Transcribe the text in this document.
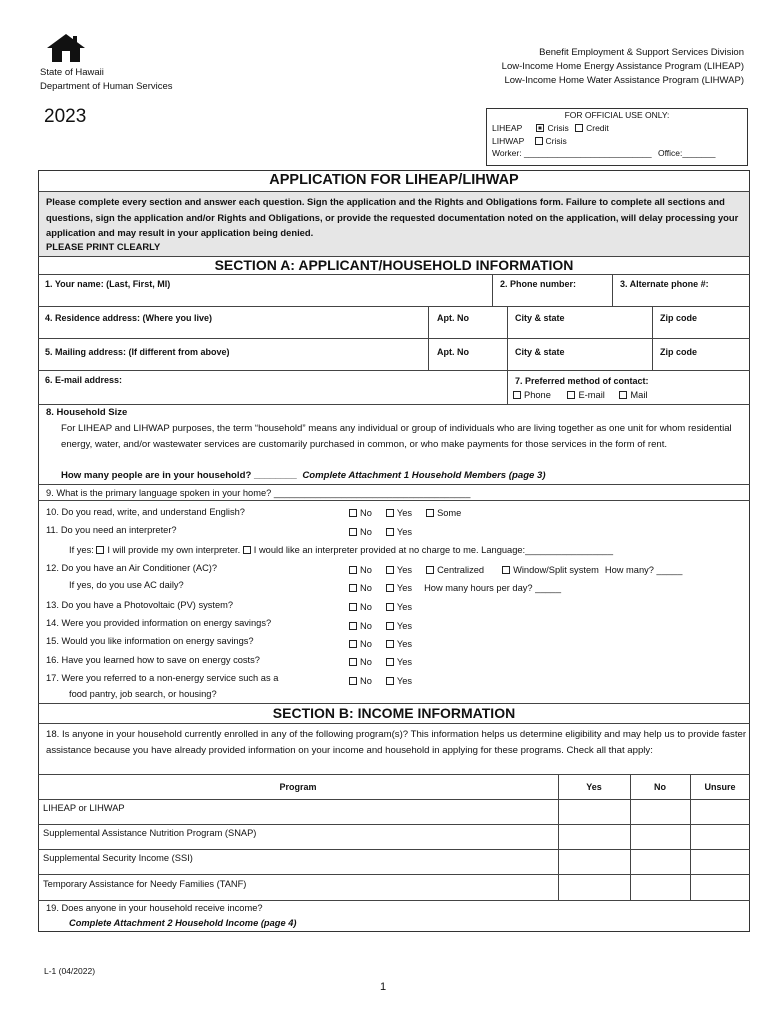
State of Hawaii
Department of Human Services
2023
Benefit Employment & Support Services Division
Low-Income Home Energy Assistance Program (LIHEAP)
Low-Income Home Water Assistance Program (LIHWAP)
FOR OFFICIAL USE ONLY:
LIHEAP	Crisis Credit
LIHWAP	Crisis
Worker: ___________________________ Office:_______
APPLICATION FOR LIHEAP/LIHWAP
Please complete every section and answer each question. Sign the application and the Rights and Obligations form. Failure to complete all sections and questions, sign the application and/or Rights and Obligations, or provide the requested documentation noted on the application, will delay processing your application and may result in your application being denied.
PLEASE PRINT CLEARLY
SECTION A: APPLICANT/HOUSEHOLD INFORMATION
1. Your name: (Last, First, MI)	2. Phone number:	3. Alternate phone #:
4. Residence address: (Where you live)	Apt. No	City & state	Zip code
5. Mailing address: (If different from above)	Apt. No	City & state	Zip code
6. E-mail address:	7. Preferred method of contact:
Phone	E-mail	Mail
8. Household Size
For LIHEAP and LIHWAP purposes, the term “household” means any individual or group of individuals who are living together as one unit for whom residential energy, water, and/or wastewater services are customarily purchased in common, or who make payments for those services in the form of rent.
How many people are in your household? ________ Complete Attachment 1 Household Members (page 3)
9. What is the primary language spoken in your home? ______________________________________
10. Do you read, write, and understand English?	No	Yes	Some
11. Do you need an interpreter?	No	Yes
If yes: I will provide my own interpreter. I would like an interpreter provided at no charge to me. Language:_________________
12. Do you have an Air Conditioner (AC)?	No	Yes	Centralized	Window/Split system How many? _____
If yes, do you use AC daily?	No	Yes How many hours per day? _____
13. Do you have a Photovoltaic (PV) system?	No	Yes
14. Were you provided information on energy savings?	No	Yes
15. Would you like information on energy savings?	No	Yes
16. Have you learned how to save on energy costs?	No	Yes
17. Were you referred to a non-energy service such as a
food pantry, job search, or housing?
No	Yes
SECTION B: INCOME INFORMATION
18. Is anyone in your household currently enrolled in any of the following program(s)? This information helps us determine eligibility and may help us to provide faster assistance because you have already provided information on your income and household in applying for these programs. Check all that apply:
Program	Yes	No	Unsure
LIHEAP or LIHWAP
Supplemental Assistance Nutrition Program (SNAP)
Supplemental Security Income (SSI)
Temporary Assistance for Needy Families (TANF)
19. Does anyone in your household receive income?
Complete Attachment 2 Household Income (page 4)
L-1 (04/2022)
1
